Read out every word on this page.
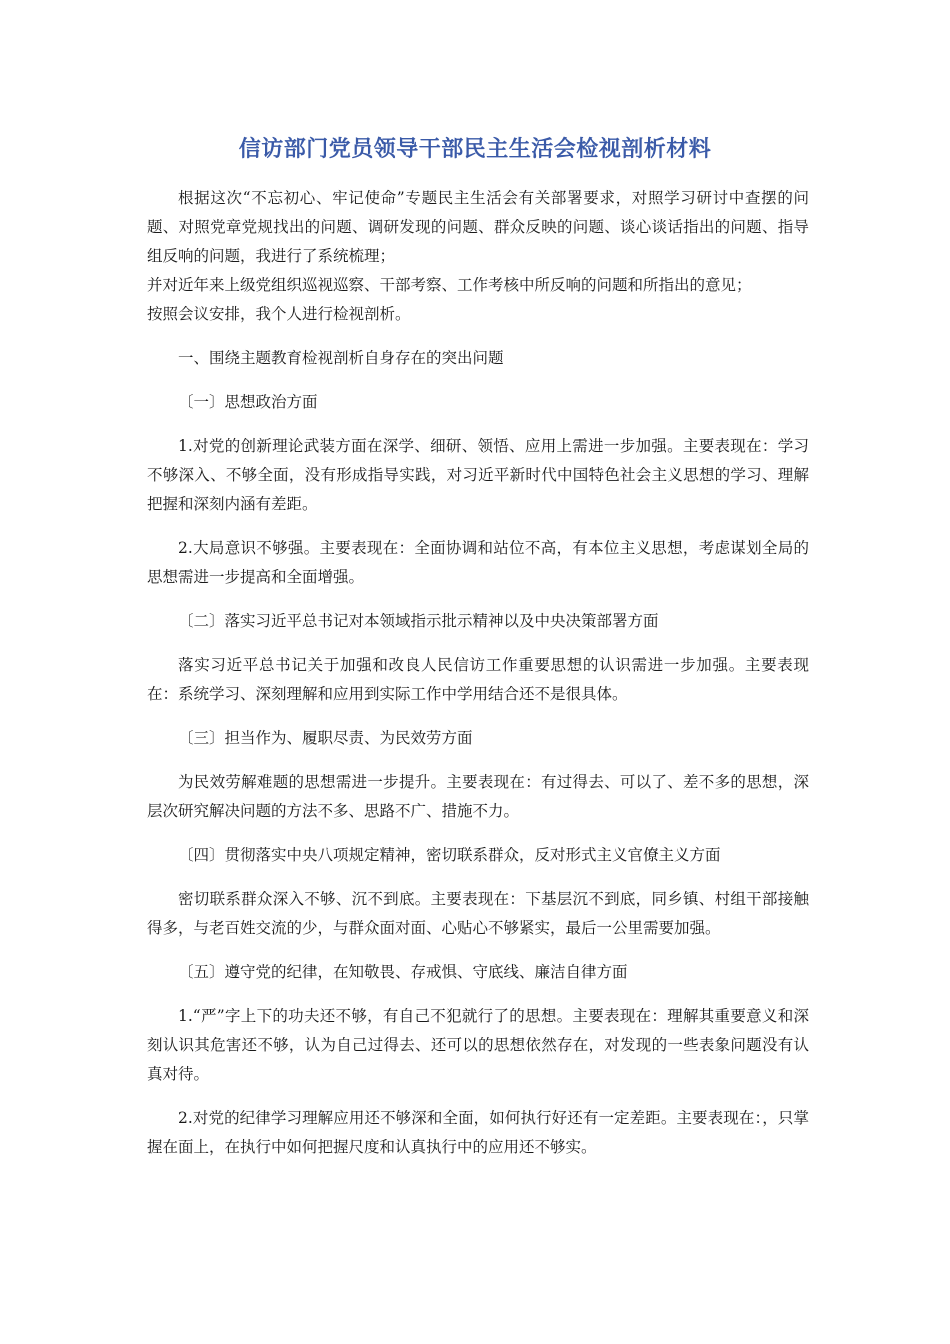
信访部门党员领导干部民主生活会检视剖析材料

根据这次“不忘初心、牢记使命”专题民主生活会有关部署要求，对照学习研讨中查摆的问题、对照党章党规找出的问题、调研发现的问题、群众反映的问题、谈心谈话指出的问题、指导组反响的问题，我进行了系统梳理；

并对近年来上级党组织巡视巡察、干部考察、工作考核中所反响的问题和所指出的意见；

按照会议安排，我个人进行检视剖析。

一、围绕主题教育检视剖析自身存在的突出问题

〔一〕思想政治方面

1.对党的创新理论武装方面在深学、细研、领悟、应用上需进一步加强。主要表现在：学习不够深入、不够全面，没有形成指导实践，对习近平新时代中国特色社会主义思想的学习、理解把握和深刻内涵有差距。

2.大局意识不够强。主要表现在：全面协调和站位不高，有本位主义思想，考虑谋划全局的思想需进一步提高和全面增强。

〔二〕落实习近平总书记对本领域指示批示精神以及中央决策部署方面

落实习近平总书记关于加强和改良人民信访工作重要思想的认识需进一步加强。主要表现在：系统学习、深刻理解和应用到实际工作中学用结合还不是很具体。

〔三〕担当作为、履职尽责、为民效劳方面

为民效劳解难题的思想需进一步提升。主要表现在：有过得去、可以了、差不多的思想，深层次研究解决问题的方法不多、思路不广、措施不力。

〔四〕贯彻落实中央八项规定精神，密切联系群众，反对形式主义官僚主义方面

密切联系群众深入不够、沉不到底。主要表现在：下基层沉不到底，同乡镇、村组干部接触得多，与老百姓交流的少，与群众面对面、心贴心不够紧实，最后一公里需要加强。

〔五〕遵守党的纪律，在知敬畏、存戒惧、守底线、廉洁自律方面

1.“严”字上下的功夫还不够，有自己不犯就行了的思想。主要表现在：理解其重要意义和深刻认识其危害还不够，认为自己过得去、还可以的思想依然存在，对发现的一些表象问题没有认真对待。

2.对党的纪律学习理解应用还不够深和全面，如何执行好还有一定差距。主要表现在：，只掌握在面上，在执行中如何把握尺度和认真执行中的应用还不够实。
